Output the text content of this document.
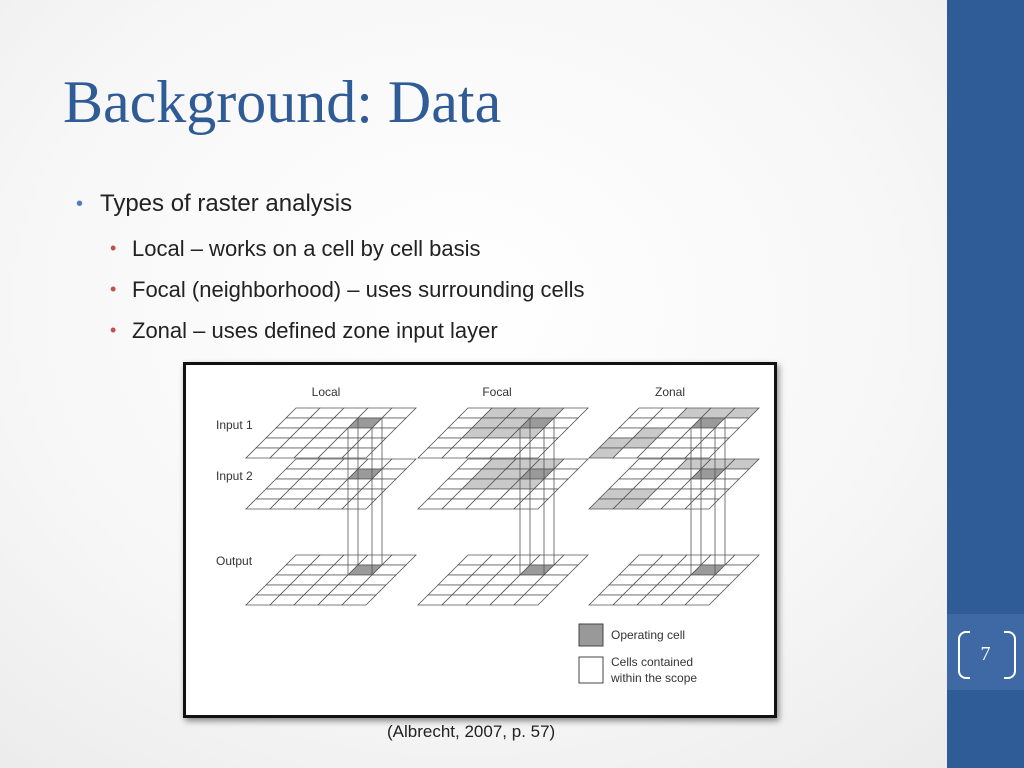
7
Background: Data
• Types of raster analysis
• Local – works on a cell by cell basis
• Focal (neighborhood) – uses surrounding cells
• Zonal – uses defined zone input layer
Local	Focal	Zonal
Input 1
Input 2
Output
Operating cell
Cells contained
within the scope
(Albrecht, 2007, p. 57)
